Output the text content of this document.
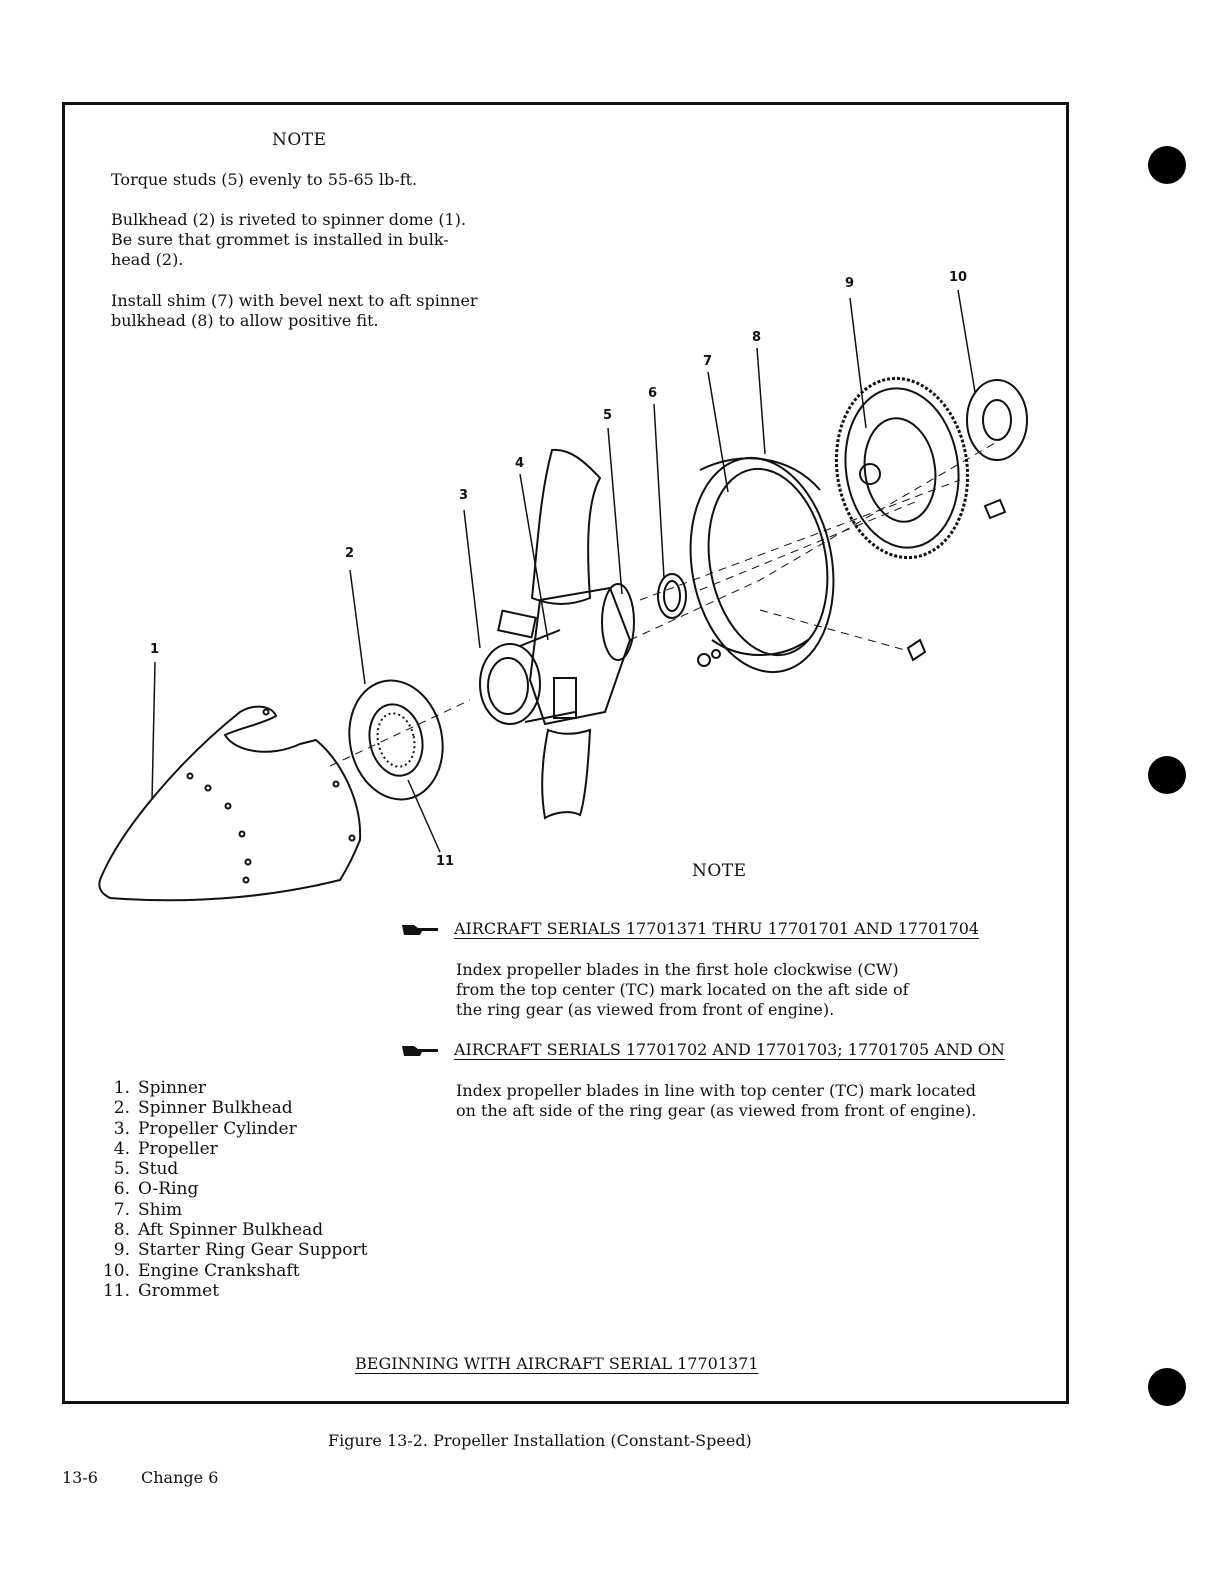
NOTE
Torque studs (5) evenly to 55-65 lb-ft.
Bulkhead (2) is riveted to spinner dome (1).
Be sure that grommet is installed in bulk-
head (2).
Install shim (7) with bevel next to aft spinner
bulkhead (8) to allow positive fit.
1
2
3
4
5
6
7
8
9	10
11	NOTE
AIRCRAFT SERIALS 17701371 THRU 17701701 AND 17701704
Index propeller blades in the first hole clockwise (CW)
from the top center (TC) mark located on the aft side of
the ring gear (as viewed from front of engine).
AIRCRAFT SERIALS 17701702 AND 17701703; 17701705 AND ON
Index propeller blades in line with top center (TC) mark located
on the aft side of the ring gear (as viewed from front of engine).
1. Spinner
2. Spinner Bulkhead
3. Propeller Cylinder
4. Propeller
5. Stud
6. O-Ring
7. Shim
8. Aft Spinner Bulkhead
9. Starter Ring Gear Support
10. Engine Crankshaft
11. Grommet
BEGINNING WITH AIRCRAFT SERIAL 17701371
Figure 13-2. Propeller Installation (Constant-Speed)
13-6	Change 6
